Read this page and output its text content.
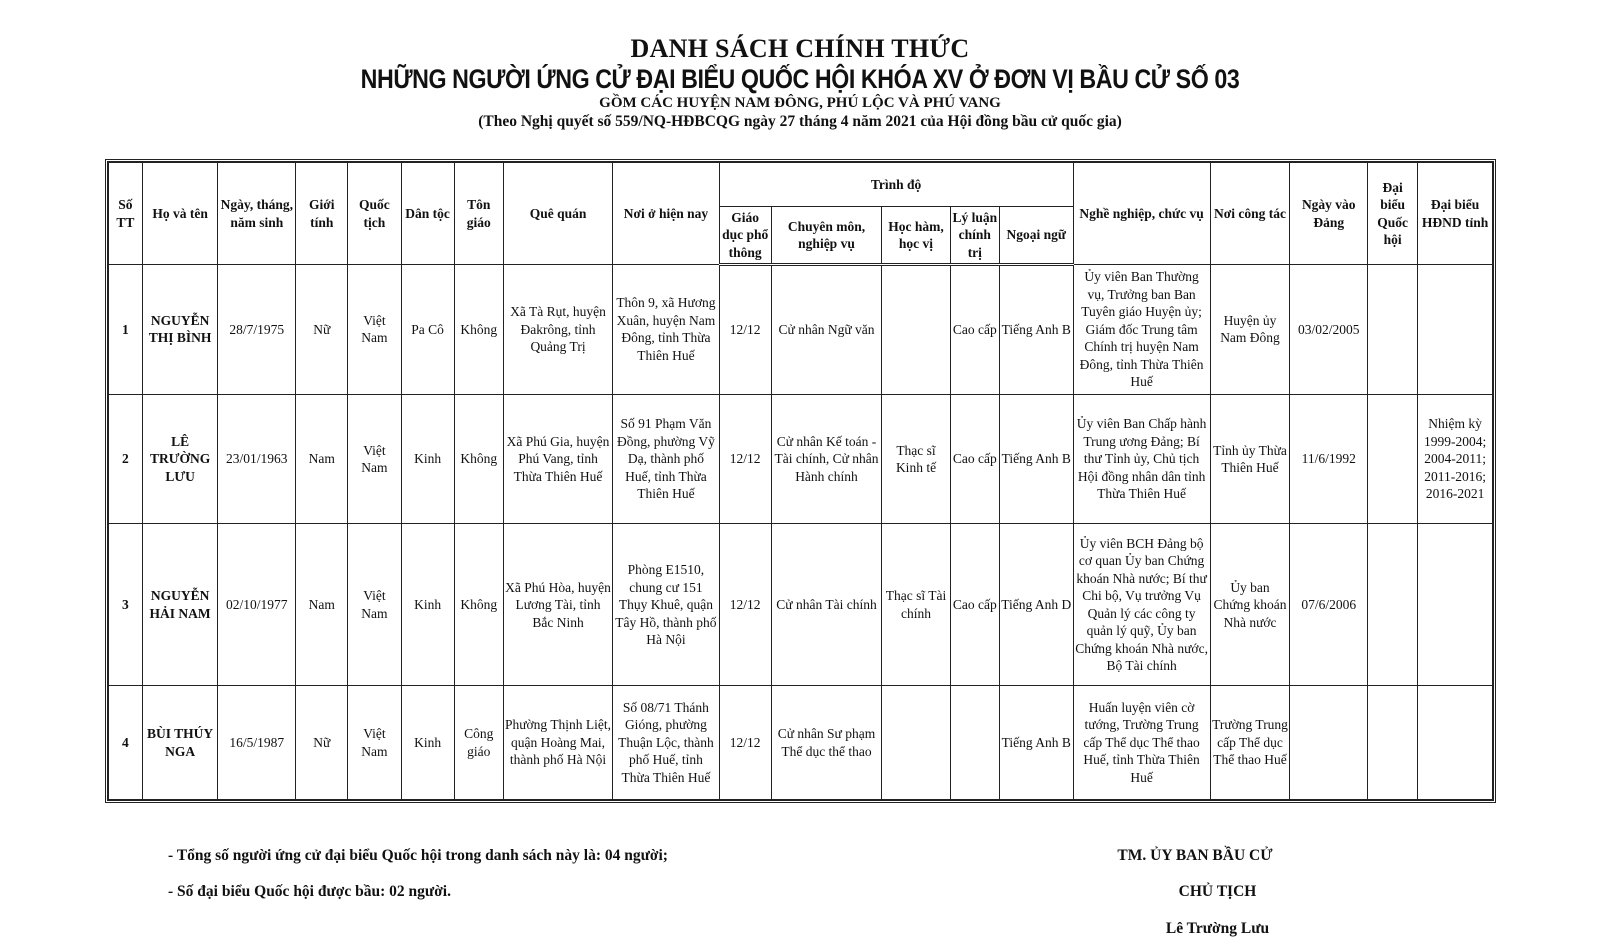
DANH SÁCH CHÍNH THỨC
NHỮNG NGƯỜI ỨNG CỬ ĐẠI BIỂU QUỐC HỘI KHÓA XV Ở ĐƠN VỊ BẦU CỬ SỐ 03
GỒM CÁC HUYỆN NAM ĐÔNG, PHÚ LỘC VÀ PHÚ VANG
(Theo Nghị quyết số 559/NQ-HĐBCQG ngày 27 tháng 4 năm 2021 của Hội đồng bầu cử quốc gia)
Số TT	Họ và tên	Ngày, tháng, năm sinh	Giới tính	Quốc tịch	Dân tộc	Tôn giáo	Quê quán	Nơi ở hiện nay	Trình độ					Nghề nghiệp, chức vụ	Nơi công tác	Ngày vào Đảng	Đại biểu Quốc hội	Đại biểu HĐND tỉnh
									Giáo dục phổ thông	Chuyên môn, nghiệp vụ	Học hàm, học vị	Lý luận chính trị	Ngoại ngữ					
1	NGUYỄN THỊ BÌNH	28/7/1975	Nữ	Việt Nam	Pa Cô	Không	Xã Tà Rụt, huyện Đakrông, tỉnh Quảng Trị	Thôn 9, xã Hương Xuân, huyện Nam Đông, tỉnh Thừa Thiên Huế	12/12	Cử nhân Ngữ văn		Cao cấp	Tiếng Anh B	Ủy viên Ban Thường vụ, Trưởng ban Ban Tuyên giáo Huyện ủy; Giám đốc Trung tâm Chính trị huyện Nam Đông, tỉnh Thừa Thiên Huế	Huyện ủy Nam Đông	03/02/2005		
2	LÊ TRƯỜNG LƯU	23/01/1963	Nam	Việt Nam	Kinh	Không	Xã Phú Gia, huyện Phú Vang, tỉnh Thừa Thiên Huế	Số 91 Phạm Văn Đồng, phường Vỹ Dạ, thành phố Huế, tỉnh Thừa Thiên Huế	12/12	Cử nhân Kế toán -Tài chính, Cử nhân Hành chính	Thạc sĩ Kinh tế	Cao cấp	Tiếng Anh B	Ủy viên Ban Chấp hành Trung ương Đảng; Bí thư Tỉnh ủy, Chủ tịch Hội đồng nhân dân tỉnh Thừa Thiên Huế	Tỉnh ủy Thừa Thiên Huế	11/6/1992		Nhiệm kỳ 1999-2004; 2004-2011; 2011-2016; 2016-2021
3	NGUYỄN HẢI NAM	02/10/1977	Nam	Việt Nam	Kinh	Không	Xã Phú Hòa, huyện Lương Tài, tỉnh Bắc Ninh	Phòng E1510, chung cư 151 Thụy Khuê, quận Tây Hồ, thành phố Hà Nội	12/12	Cử nhân Tài chính	Thạc sĩ Tài chính	Cao cấp	Tiếng Anh D	Ủy viên BCH Đảng bộ cơ quan Ủy ban Chứng khoán Nhà nước; Bí thư Chi bộ, Vụ trưởng Vụ Quản lý các công ty quản lý quỹ, Ủy ban Chứng khoán Nhà nước, Bộ Tài chính	Ủy ban Chứng khoán Nhà nước	07/6/2006		
4	BÙI THÚY NGA	16/5/1987	Nữ	Việt Nam	Kinh	Công giáo	Phường Thịnh Liệt, quận Hoàng Mai, thành phố Hà Nội	Số 08/71 Thánh Gióng, phường Thuận Lộc, thành phố Huế, tỉnh Thừa Thiên Huế	12/12	Cử nhân Sư phạm Thể dục thể thao			Tiếng Anh B	Huấn luyện viên cờ tướng, Trường Trung cấp Thể dục Thể thao Huế, tỉnh Thừa Thiên Huế	Trường Trung cấp Thể dục Thể thao Huế			
- Tổng số người ứng cử đại biểu Quốc hội trong danh sách này là: 04 người;
- Số đại biểu Quốc hội được bầu: 02 người.
TM. ỦY BAN BẦU CỬ
CHỦ TỊCH
Lê Trường Lưu
